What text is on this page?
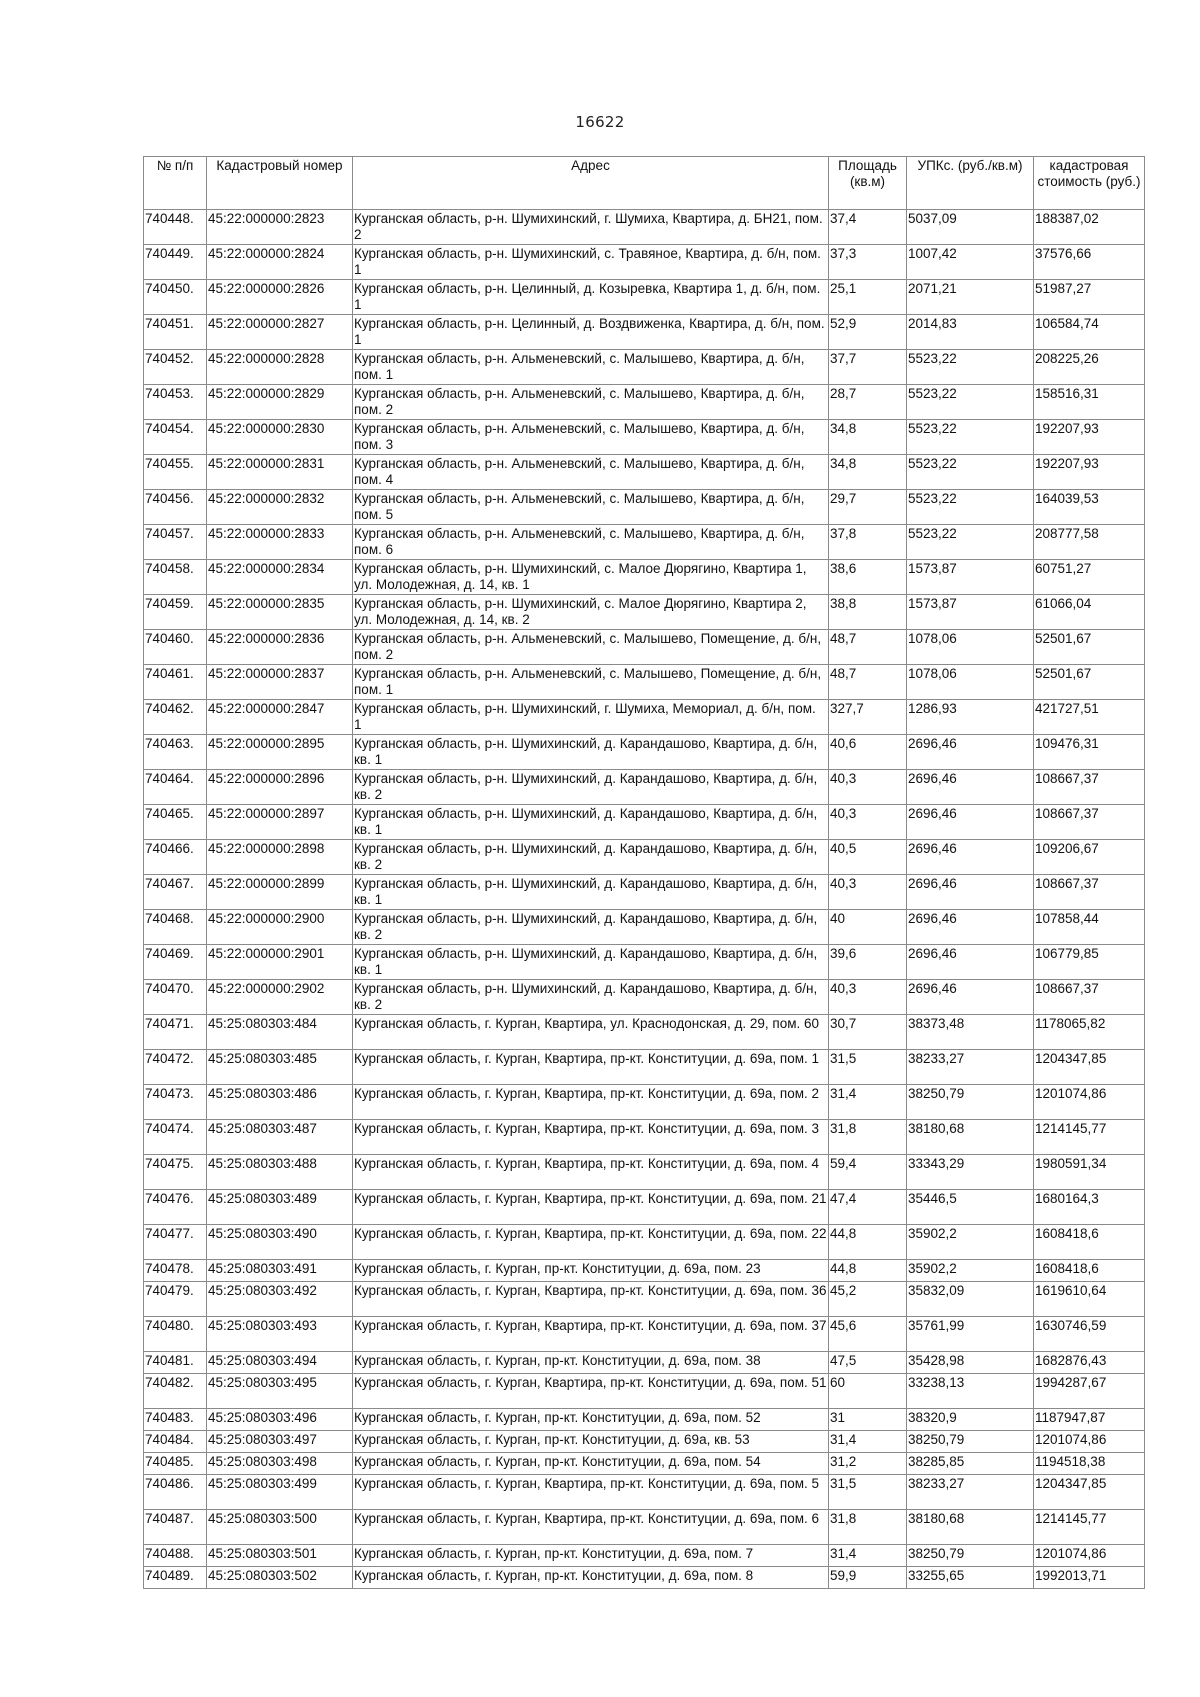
16622
№ п/п	Кадастровый номер	Адрес	Площадь (кв.м)	УПКс. (руб./кв.м)	кадастровая стоимость (руб.)
740448.	45:22:000000:2823	Курганская область, р-н. Шумихинский, г. Шумиха, Квартира, д. БН21, пом. 2	37,4	5037,09	188387,02
740449.	45:22:000000:2824	Курганская область, р-н. Шумихинский, с. Травяное, Квартира, д. б/н, пом. 1	37,3	1007,42	37576,66
740450.	45:22:000000:2826	Курганская область, р-н. Целинный, д. Козыревка, Квартира 1, д. б/н, пом. 1	25,1	2071,21	51987,27
740451.	45:22:000000:2827	Курганская область, р-н. Целинный, д. Воздвиженка, Квартира, д. б/н, пом. 1	52,9	2014,83	106584,74
740452.	45:22:000000:2828	Курганская область, р-н. Альменевский, с. Малышево, Квартира, д. б/н, пом. 1	37,7	5523,22	208225,26
740453.	45:22:000000:2829	Курганская область, р-н. Альменевский, с. Малышево, Квартира, д. б/н, пом. 2	28,7	5523,22	158516,31
740454.	45:22:000000:2830	Курганская область, р-н. Альменевский, с. Малышево, Квартира, д. б/н, пом. 3	34,8	5523,22	192207,93
740455.	45:22:000000:2831	Курганская область, р-н. Альменевский, с. Малышево, Квартира, д. б/н, пом. 4	34,8	5523,22	192207,93
740456.	45:22:000000:2832	Курганская область, р-н. Альменевский, с. Малышево, Квартира, д. б/н, пом. 5	29,7	5523,22	164039,53
740457.	45:22:000000:2833	Курганская область, р-н. Альменевский, с. Малышево, Квартира, д. б/н, пом. 6	37,8	5523,22	208777,58
740458.	45:22:000000:2834	Курганская область, р-н. Шумихинский, с. Малое Дюрягино, Квартира 1, ул. Молодежная, д. 14, кв. 1	38,6	1573,87	60751,27
740459.	45:22:000000:2835	Курганская область, р-н. Шумихинский, с. Малое Дюрягино, Квартира 2, ул. Молодежная, д. 14, кв. 2	38,8	1573,87	61066,04
740460.	45:22:000000:2836	Курганская область, р-н. Альменевский, с. Малышево, Помещение, д. б/н, пом. 2	48,7	1078,06	52501,67
740461.	45:22:000000:2837	Курганская область, р-н. Альменевский, с. Малышево, Помещение, д. б/н, пом. 1	48,7	1078,06	52501,67
740462.	45:22:000000:2847	Курганская область, р-н. Шумихинский, г. Шумиха, Мемориал, д. б/н, пом. 1	327,7	1286,93	421727,51
740463.	45:22:000000:2895	Курганская область, р-н. Шумихинский, д. Карандашово, Квартира, д. б/н, кв. 1	40,6	2696,46	109476,31
740464.	45:22:000000:2896	Курганская область, р-н. Шумихинский, д. Карандашово, Квартира, д. б/н, кв. 2	40,3	2696,46	108667,37
740465.	45:22:000000:2897	Курганская область, р-н. Шумихинский, д. Карандашово, Квартира, д. б/н, кв. 1	40,3	2696,46	108667,37
740466.	45:22:000000:2898	Курганская область, р-н. Шумихинский, д. Карандашово, Квартира, д. б/н, кв. 2	40,5	2696,46	109206,67
740467.	45:22:000000:2899	Курганская область, р-н. Шумихинский, д. Карандашово, Квартира, д. б/н, кв. 1	40,3	2696,46	108667,37
740468.	45:22:000000:2900	Курганская область, р-н. Шумихинский, д. Карандашово, Квартира, д. б/н, кв. 2	40	2696,46	107858,44
740469.	45:22:000000:2901	Курганская область, р-н. Шумихинский, д. Карандашово, Квартира, д. б/н, кв. 1	39,6	2696,46	106779,85
740470.	45:22:000000:2902	Курганская область, р-н. Шумихинский, д. Карандашово, Квартира, д. б/н, кв. 2	40,3	2696,46	108667,37
740471.	45:25:080303:484	Курганская область, г. Курган, Квартира, ул. Краснодонская, д. 29, пом. 60	30,7	38373,48	1178065,82
740472.	45:25:080303:485	Курганская область, г. Курган, Квартира, пр-кт. Конституции, д. 69а, пом. 1	31,5	38233,27	1204347,85
740473.	45:25:080303:486	Курганская область, г. Курган, Квартира, пр-кт. Конституции, д. 69а, пом. 2	31,4	38250,79	1201074,86
740474.	45:25:080303:487	Курганская область, г. Курган, Квартира, пр-кт. Конституции, д. 69а, пом. 3	31,8	38180,68	1214145,77
740475.	45:25:080303:488	Курганская область, г. Курган, Квартира, пр-кт. Конституции, д. 69а, пом. 4	59,4	33343,29	1980591,34
740476.	45:25:080303:489	Курганская область, г. Курган, Квартира, пр-кт. Конституции, д. 69а, пом. 21	47,4	35446,5	1680164,3
740477.	45:25:080303:490	Курганская область, г. Курган, Квартира, пр-кт. Конституции, д. 69а, пом. 22	44,8	35902,2	1608418,6
740478.	45:25:080303:491	Курганская область, г. Курган, пр-кт. Конституции, д. 69а, пом. 23	44,8	35902,2	1608418,6
740479.	45:25:080303:492	Курганская область, г. Курган, Квартира, пр-кт. Конституции, д. 69а, пом. 36	45,2	35832,09	1619610,64
740480.	45:25:080303:493	Курганская область, г. Курган, Квартира, пр-кт. Конституции, д. 69а, пом. 37	45,6	35761,99	1630746,59
740481.	45:25:080303:494	Курганская область, г. Курган, пр-кт. Конституции, д. 69а, пом. 38	47,5	35428,98	1682876,43
740482.	45:25:080303:495	Курганская область, г. Курган, Квартира, пр-кт. Конституции, д. 69а, пом. 51	60	33238,13	1994287,67
740483.	45:25:080303:496	Курганская область, г. Курган, пр-кт. Конституции, д. 69а, пом. 52	31	38320,9	1187947,87
740484.	45:25:080303:497	Курганская область, г. Курган, пр-кт. Конституции, д. 69а, кв. 53	31,4	38250,79	1201074,86
740485.	45:25:080303:498	Курганская область, г. Курган, пр-кт. Конституции, д. 69а, пом. 54	31,2	38285,85	1194518,38
740486.	45:25:080303:499	Курганская область, г. Курган, Квартира, пр-кт. Конституции, д. 69а, пом. 5	31,5	38233,27	1204347,85
740487.	45:25:080303:500	Курганская область, г. Курган, Квартира, пр-кт. Конституции, д. 69а, пом. 6	31,8	38180,68	1214145,77
740488.	45:25:080303:501	Курганская область, г. Курган, пр-кт. Конституции, д. 69а, пом. 7	31,4	38250,79	1201074,86
740489.	45:25:080303:502	Курганская область, г. Курган, пр-кт. Конституции, д. 69а, пом. 8	59,9	33255,65	1992013,71
